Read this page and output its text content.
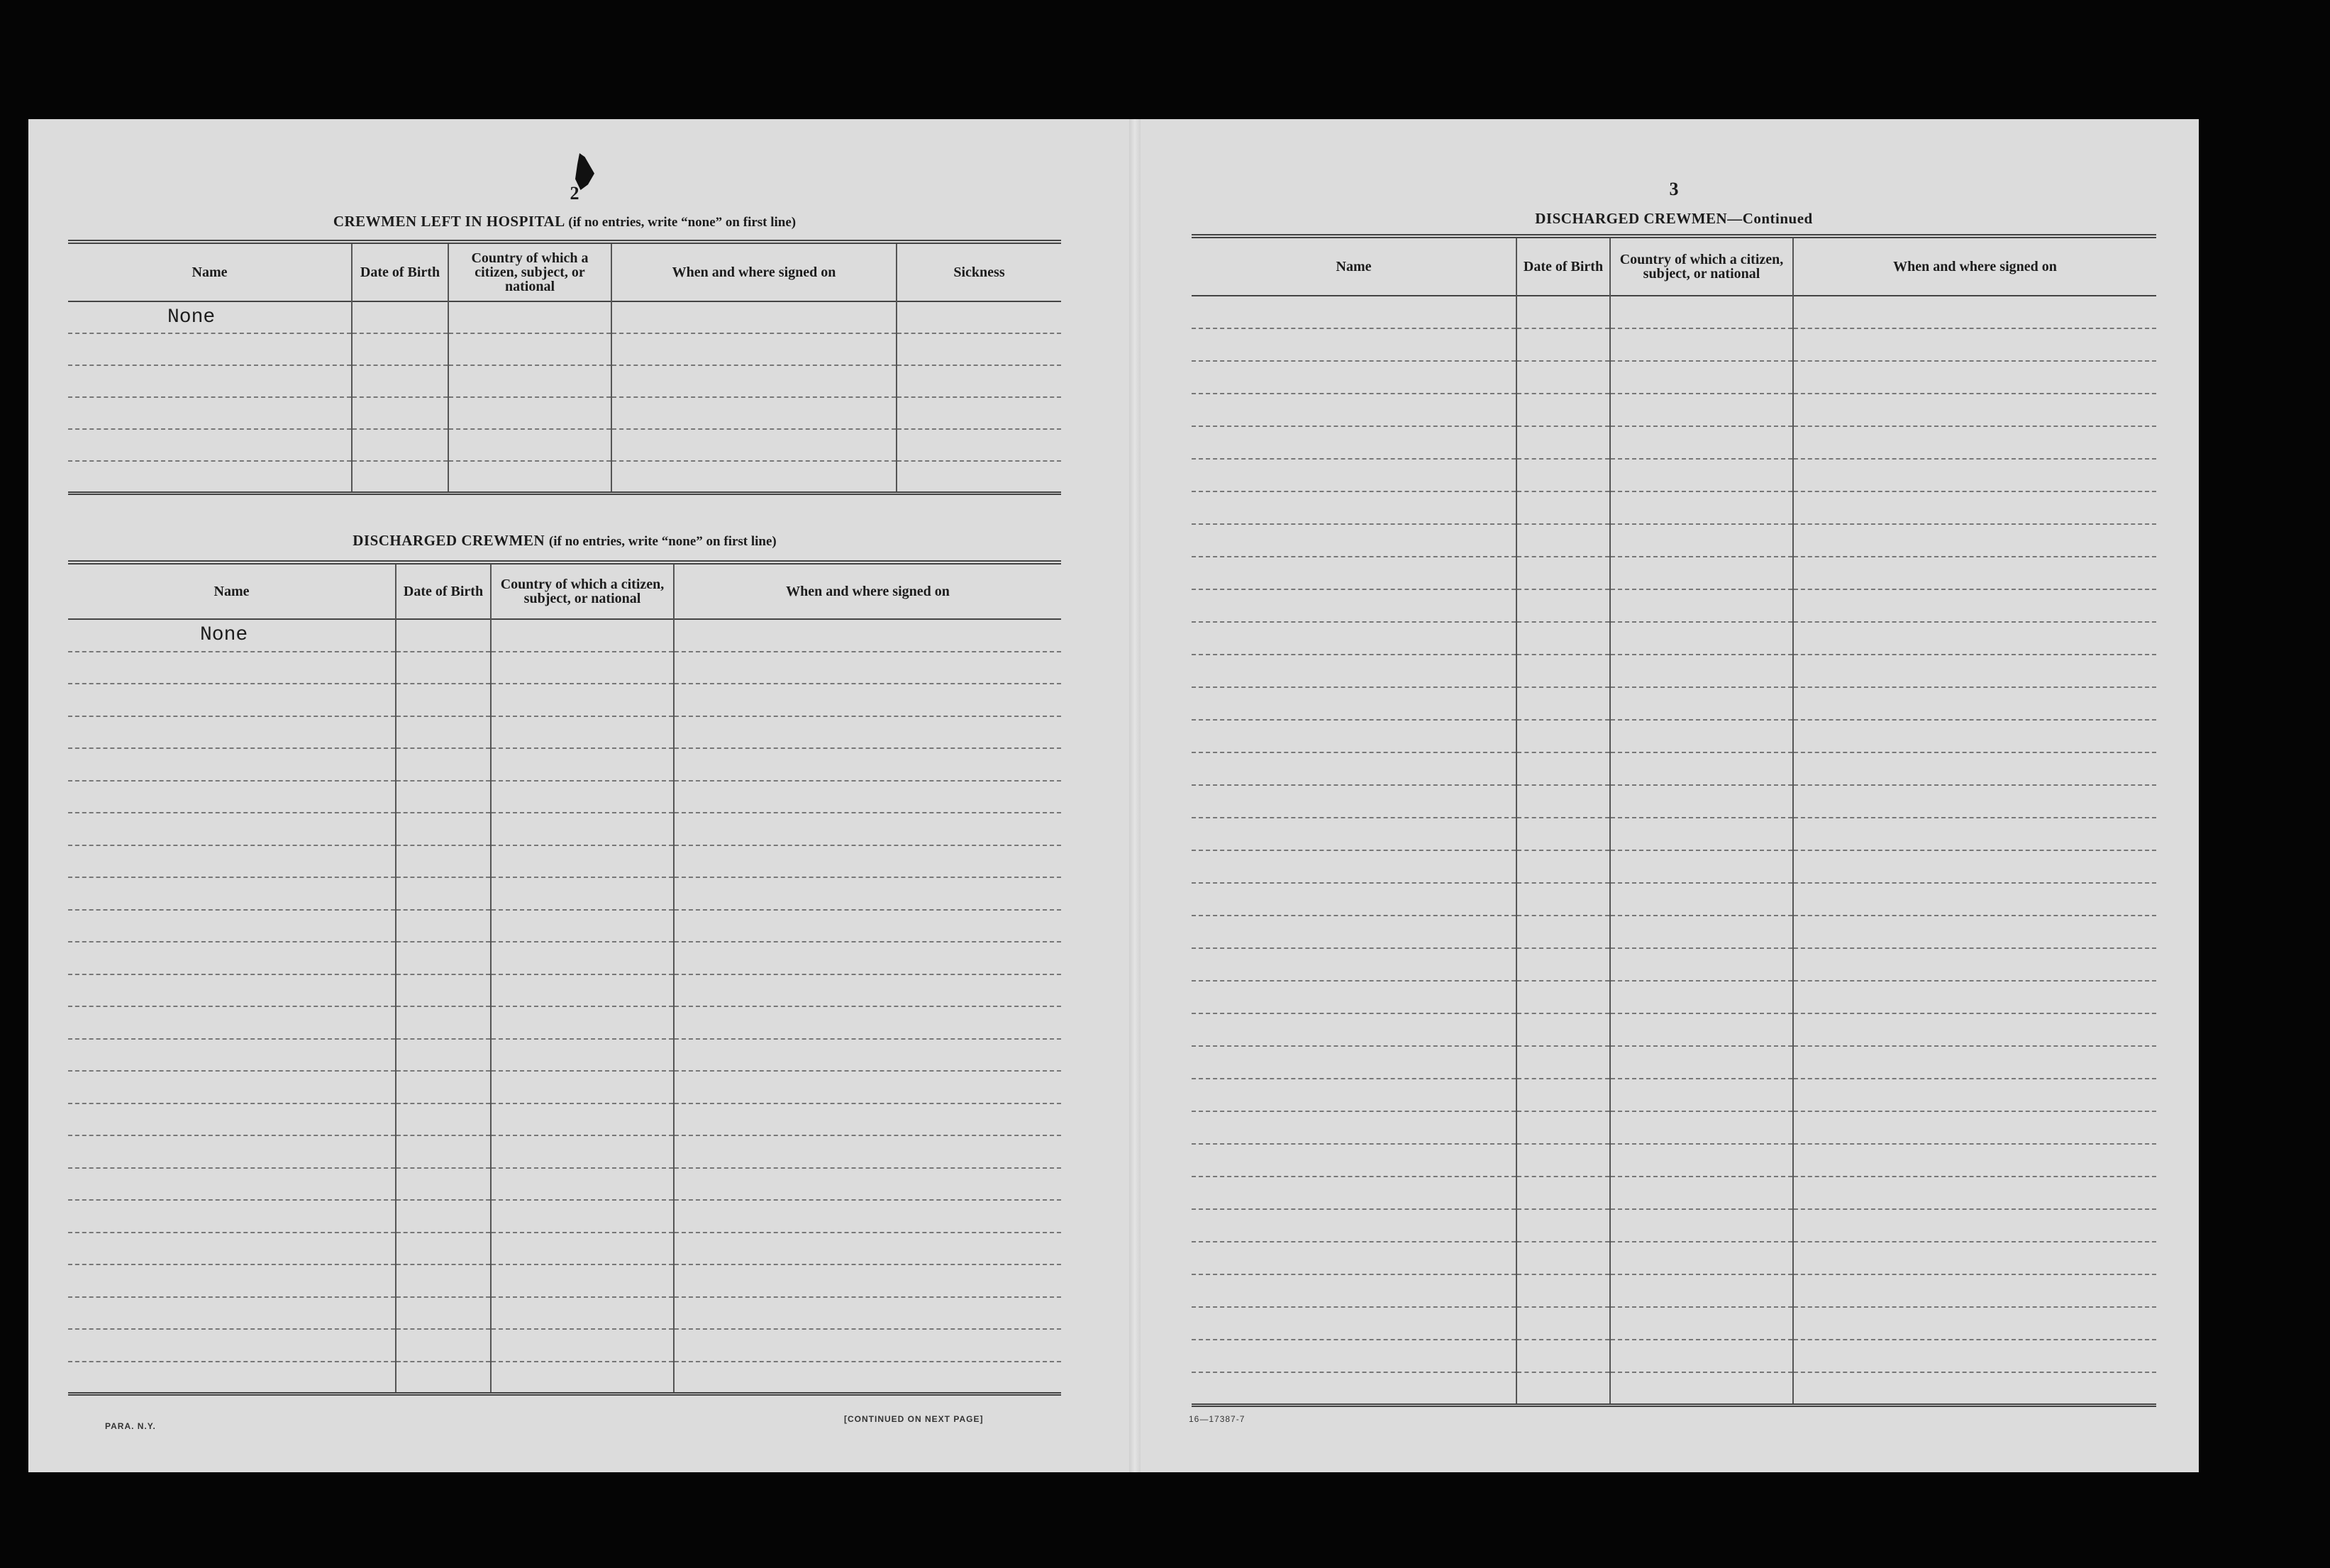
2
CREWMEN LEFT IN HOSPITAL (if no entries, write “none” on first line)
Name	Date of Birth	Country of which a citizen, subject, or national	When and where signed on	Sickness
None				

DISCHARGED CREWMEN (if no entries, write “none” on first line)
Name	Date of Birth	Country of which a citizen, subject, or national	When and where signed on
None			

PARA. N.Y.
[CONTINUED ON NEXT PAGE]
3
DISCHARGED CREWMEN—Continued
Name	Date of Birth	Country of which a citizen, subject, or national	When and where signed on

16—17387-7
